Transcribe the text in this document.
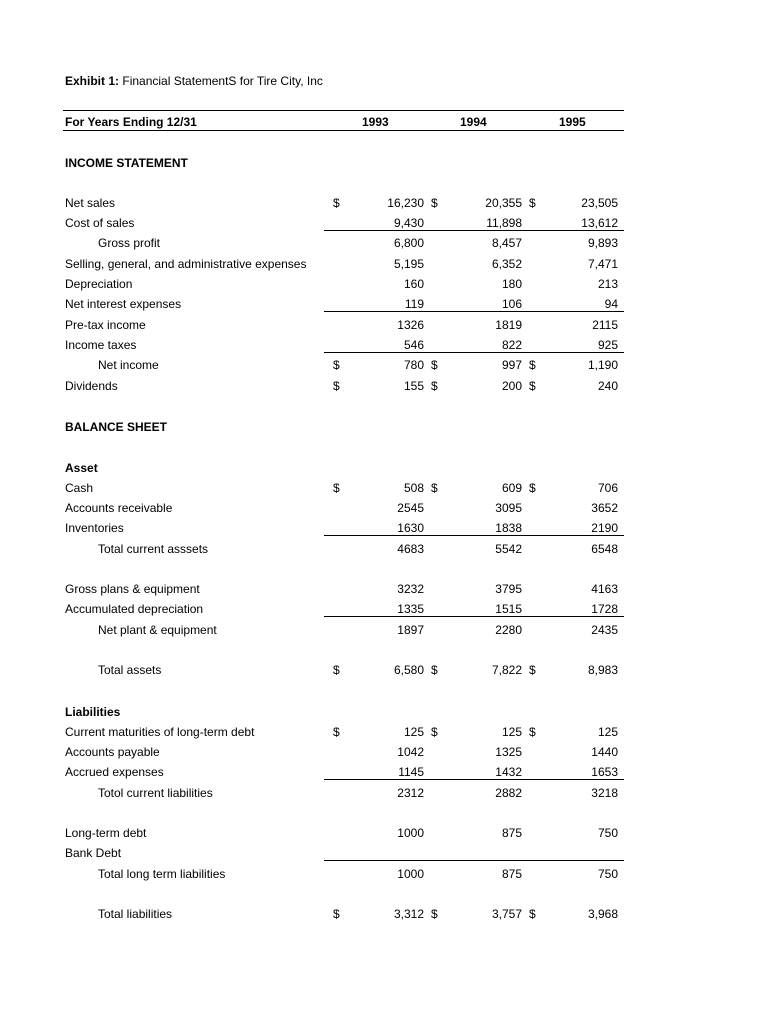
Exhibit 1: Financial StatementS for Tire City, Inc
For Years Ending 12/31	1993	1994	1995
INCOME STATEMENT
BALANCE SHEET
Asset
Liabilities
Net sales	$	16,230 $	20,355 $	23,505
Cost of sales	9,430	11,898	13,612
Gross profit	6,800	8,457	9,893
Selling, general, and administrative expenses	5,195	6,352	7,471
Depreciation	160	180	213
Net interest expenses	119	106	94
Pre-tax income	1326	1819	2115
Income taxes	546	822	925
Net income	$	780 $	997 $	1,190
Dividends	$	155 $	200 $	240
Cash	$	508 $	609 $	706
Accounts receivable	2545	3095	3652
Inventories	1630	1838	2190
Total current asssets	4683	5542	6548
Gross plans & equipment	3232	3795	4163
Accumulated depreciation	1335	1515	1728
Net plant & equipment	1897	2280	2435
Total assets	$	6,580 $	7,822 $	8,983
Current maturities of long-term debt	$	125 $	125 $	125
Accounts payable	1042	1325	1440
Accrued expenses	1145	1432	1653
Totol current liabilities	2312	2882	3218
Long-term debt	1000	875	750
Bank Debt
Total long term liabilities	1000	875	750
Total liabilities	$	3,312 $	3,757 $	3,968
